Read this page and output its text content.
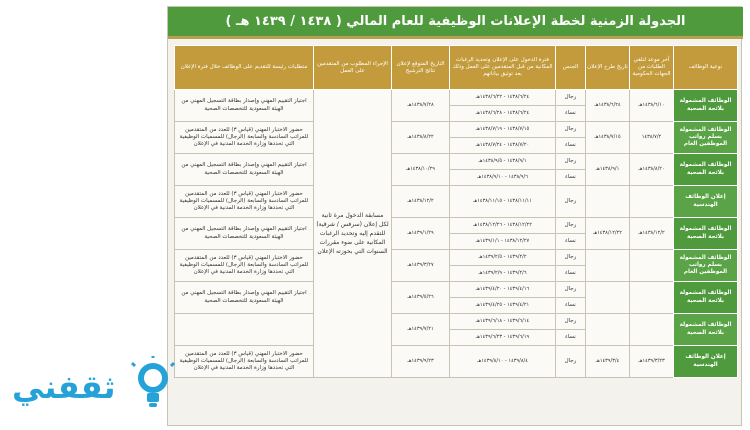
الجدولة الزمنية لخطة الإعلانات الوظيفية للعام المالي ( ١٤٣٨ / ١٤٣٩ هـ )
نوعية الوظائف	آخر موعد لتلقي الطلبات من الجهات الحكومية	تاريخ طرح الإعلان	الجنس	فترة الدخول على الإعلان وتحديد الرغبات المكانية من قبل المتقدمين على العمل وذلك بعد توثيق بياناتهم	التاريخ المتوقع لإعلان نتائج الترشيح	الإجراء المطلوب من المتقدمين على العمل	متطلبات رئيسة للتقديم على الوظائف خلال فترة الإعلان
الوظائف المشمولة بلائحة الصحية	١٤٣٨/٦/١٠هـ	١٤٣٨/٦/٢٤هـ	رجال	١٤٣٨/٦/٢٤ - ١٤٣٨/٦/٢٢هـ	١٤٣٨/٧/٢٨هـ	مسابقة الدخول مرة ثانية لكل إعلان (سرفس / شرقية) للتقدم إليه وتحديد الرغبات المكانية على ضوء مقررات السنوات التي بحوزته الإعلان	اجتياز التقييم المهني وإصدار بطاقة التسجيل المهني من الهيئة السعودية للتخصصات الصحية
			نساء	١٤٣٨/٦/٢٤ - ١٤٣٨/٦/٢٨هـ			
الوظائف المشمولة بسلم رواتب الموظفين العام	١٤٣٨/٧/٢	١٤٣٨/٧/١٥هـ	رجال	١٤٣٨/٧/١٥ - ١٤٣٨/٧/١٩هـ	١٤٣٨/٨/٢٢هـ		حضور الاختبار المهني (قياس ٣) للعدد من المتقدمين للمراتب السادسة والسابعة (الرجال) للمسميات الوظيفية التي تحددها وزارة الخدمة المدنية في الإعلان
			نساء	١٤٣٨/٧/٢٠ - ١٤٣٨/٧/٢٤هـ			
الوظائف المشمولة بلائحة الصحية	١٤٣٨/٨/٢٠هـ	١٤٣٨/٩/١هـ	رجال	١٤٣٨/٩/١ - ١٤٣٨/٩/٥هـ	١٤٣٨/١٠/٢٩هـ		اجتياز التقييم المهني وإصدار بطاقة التسجيل المهني من الهيئة السعودية للتخصصات الصحية
			نساء	١٤٣٨/٩/٦ - ١٤٣٨/٩/١٠هـ			
إعلان الوظائف الهندسية			رجال	١٤٣٨/١١/١١ - ١٤٣٨/١١/١٥هـ	١٤٣٨/١٢/٢هـ		حضور الاختبار المهني (قياس ٣) للعدد من المتقدمين للمراتب السادسة والسابعة (الرجال) للمسميات الوظيفية التي تحددها وزارة الخدمة المدنية في الإعلان
الوظائف المشمولة بلائحة الصحية	١٤٣٨/١٢/٢هـ	١٤٣٨/١٢/٢٢هـ	رجال	١٤٣٨/١٢/٢٢ - ١٤٣٨/١٢/٢٦هـ	١٤٣٩/١/٢٩هـ		اجتياز التقييم المهني وإصدار بطاقة التسجيل المهني من الهيئة السعودية للتخصصات الصحية
			نساء	١٤٣٨/١٢/٢٧ - ١٤٣٩/١/١هـ			
الوظائف المشمولة بسلم رواتب الموظفين العام			رجال	١٤٣٩/٢/٢ - ١٤٣٩/٢/٥هـ	١٤٣٩/٣/٢٧هـ		حضور الاختبار المهني (قياس ٣) للعدد من المتقدمين للمراتب السادسة والسابعة (الرجال) للمسميات الوظيفية التي تحددها وزارة الخدمة المدنية في الإعلان
			نساء	١٤٣٩/٢/٦ - ١٤٣٩/٢/٩هـ			
الوظائف المشمولة بلائحة الصحية			رجال	١٤٣٩/٤/١٦ - ١٤٣٩/٤/٢٠هـ	١٤٣٩/٥/٢٦هـ		اجتياز التقييم المهني وإصدار بطاقة التسجيل المهني من الهيئة السعودية للتخصصات الصحية
			نساء	١٤٣٩/٤/٢١ - ١٤٣٩/٤/٢٥هـ			
الوظائف المشمولة بلائحة الصحية			رجال	١٤٣٩/٦/١٤ - ١٤٣٩/٦/١٨هـ	١٤٣٩/٧/٢١هـ		
			نساء	١٤٣٩/٦/١٩ - ١٤٣٩/٦/٢٣هـ			
إعلان الوظائف الهندسية	١٤٣٩/٣/٢٣هـ	١٤٣٩/٣/٤هـ	رجال	١٤٣٩/٨/٤ - ١٤٣٩/٨/١٠هـ	١٤٣٩/٩/٢٣هـ		حضور الاختبار المهني (قياس ٣) للعدد من المتقدمين للمراتب السادسة والسابعة (الرجال) للمسميات الوظيفية التي تحددها وزارة الخدمة المدنية في الإعلان
ثقفني
